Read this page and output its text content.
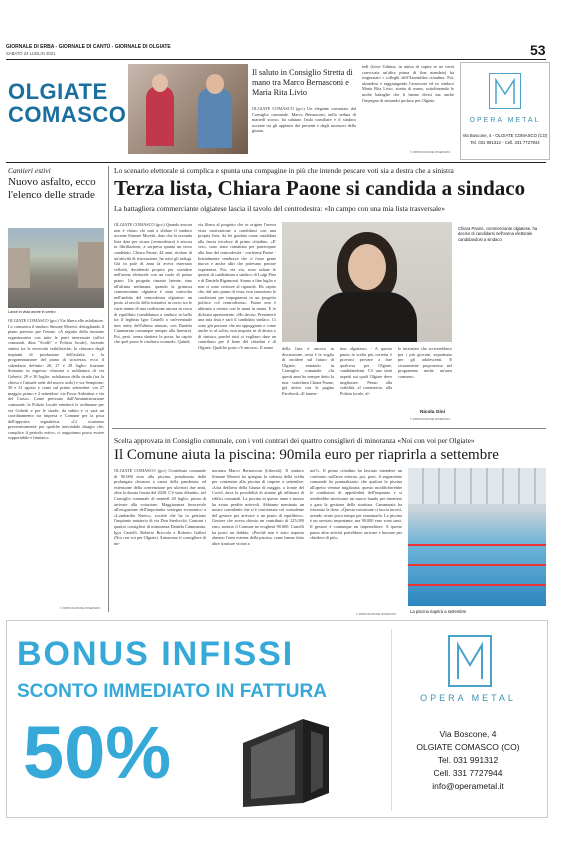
GIORNALE DI ERBA - GIORNALE DI CANTÙ - GIORNALE DI OLGIATE
SABATO 24 LUGLIO 2021	53
OLGIATE
COMASCO
Il saluto in Consiglio Stretta di mano tra Marco Bernasconi e Maria Rita Livio
OLGIATE COMASCO (gcc) Un elegante commiato dal Consiglio comunale. Marco Bernasconi, nella seduta di martedì scorso, ha salutato l'aula consiliare e il sindaco uscente tra gli applausi dei presenti e degli assessori della giunta.
tedì (forse l'ultima, in attesa di capire se ne verrà convocata un'altra prima di fine mandato) ha ringraziato i colleghi dell'Assemblea cittadina. Poi, alzandosi e raggiungendo l'assessore ed ex sindaco Maria Rita Livio, stretta di mano, sottolineando le molte battaglie che li hanno divisi ma anche l'impegno di entrambi profuso per Olgiate.
© RIPRODUZIONE RISERVATA
OPERA METAL
Via Boscone, 4 - OLGIATE COMASCO (CO)
Tel. 031 991312 - Cell. 331 7727944
Cantieri estivi
Nuovo asfalto, ecco l'elenco delle strade
Lavori in vista anche in centro
OLGIATE COMASCO (gcc) Via libera alle asfaltature. Lo comunica il sindaco Simone Moretti, dettagliando il piano previsto per l'estate. «A seguito della riunione organizzativa con tutte le parti interessate (uffici comunali, ditta "Scuffi" e Polizia locale), facendo sintesi tra le necessità viabilistiche, la chiusura degli impianti di produzione dell'asfalto e la programmazione del piano di sicurezza, ecco il calendario definito: 26, 27 e 28 luglio: frazione Somaino in ingresso chiusura e asfaltatura di via Gobetti; 29 e 30 luglio: asfaltatura della strada (tra la chiesa e l'attuale sede del nuovo asilo) e via Sempione; 30 e 31 agosto e come sul primo settembre: via 27 maggio; primo e 2 settembre: via Fosse Ardeatine e via del Carso». Come precisato dall'Amministrazione comunale, la Polizia Locale emetterà le ordinanze per via Gobetti e per le strade, da subito e ci sarà un coordinamento tra impresa e Comune per la posa dell'apposita segnaletica. «Ci scusiamo preventivamente per qualche inevitabile disagio che, complice il periodo estivo, ci auguriamo possa essere sopportabile e limitato».
© RIPRODUZIONE RISERVATA
Lo scenario elettorale si complica e spunta una compagine in più che intende pescare voti sia a destra che a sinistra
Terza lista, Chiara Paone si candida a sindaco
La battagliera commerciante olgiatese lascia il tavolo del centrodestra: «In campo con una mia lista trasversale»
OLGIATE COMASCO (gcc) Quando ancora non è chiaro chi sarà a sfidare il sindaco uscente Simone Moretti, dato che la seconda lista data per sicura (centrodestra) è ancora in fibrillazione, a sorpresa spunta un terzo candidato. Chiara Paone, 44 anni, titolare di un'attività di ristorazione, ha rotto gli indugi. Già in pole di anni fa aveva esternato velleità, decidendo proprio per scendere nell'arena elettorale con un ruolo di primo piano. Un progetto rimasto latente, sino all'ultima settimana, quando la grintosa commerciante olgiatese è stata coinvolta nell'ambito del centrodestra olgiatese: un posto al tavolo della trattativa in corso tra le varie anime di una coalizione ancora in cerca di equilibrio (candidatura a sindaco in ballo tra il leghista Igor Castelli o un'eventuale new entry dell'ultimo minuto, con Daniela Cammarata comunque sempre alla finestra). Poi, però, senza sbattere la porta, ha capito che quel posto le risultava scomodo. Quindi,
via libera al progetto che in origine l'aveva vista motivazione a candidarsi con una propria lista, da lei guidata come candidata alla fascia tricolore di primo cittadino. «E' vero, sono stata contattata per partecipare alla fase del centrodestra - conferma Paone - Inizialmente sembrava che ci fosse gente nuova e anche altri che potevano portare esperienza. Poi, via via, sono saltate le ipotesi di candidatura a sindaco di Luigi Pina e di Daniela Rigamonti. Siamo a fine luglio e non ci sono certezze al riguardo. Ho capito che, dal mio punto di vista, non sussistono le condizioni per impegnarmi in un progetto politico col centrodestra». Paone non è abituata a restare con le mani in mano. E lo dichiara apertamente. «Ho deciso. Presenterò una mia lista e sarò il candidato sindaco. Ci sono già persone che mi appoggiano e come anche io al solito, non importa se di destra o di sinistra, purché tutti si vogliano dare un contributo per il bene del cittadini e di Olgiate. Qualche posto c'è ancora». Il nome
Chiara Paone, commerciante olgiatese, ha deciso di candidarsi nell'arena elettorale candidandosi a sindaco
della lista è ancora in discussione, certa è la voglia di incidere sul futuro di Olgiate, entrando in Consiglio comunale. «In questi anni ho sempre detto la mia - sottolinea Chiara Paone, già attiva con la pagina Facebook «Il lamen-
tino olgiatese» - A questo punto la scelta più corretta è provarci provare a fare qualcosa per Olgiate, candidandomi. C'è uno tanti aspetti sui quali Olgiate deve migliorare. Penso alla viabilità, al commercio, alla Polizia locale, al-
le iniziative che scriverebbero per i più giovani, soprattutto per gli adolescenti. E sicuramente proporremo nel programma anche un'area comune».
Nicola Gini
© RIPRODUZIONE RISERVATA
Scelta approvata in Consiglio comunale, con i voti contrari dei quattro consiglieri di minoranza «Noi con voi per Olgiate»
Il Comune aiuta la piscina: 90mila euro per riaprirla a settembre
OLGIATE COMASCO (gcc) Contributo comunale di 90.000 euro alla piscina, penalizzata dalla prolungata chiusura a causa della pandemia, ed estensione della convenzione per ulteriori due anni, oltre la durata fissata del 2028. C'è stato dibattito, nel Consiglio comunale di martedì 20 luglio, prima di arrivare alla votazione. Maggioranza favorevole all'erogazione dell'importante sostegno economico a «Lombardia Nuoto», società che ha in gestione l'impianto natatorio di via Don Sterlocchi. Contrari i quattro consiglieri di minoranza Daniela Cammarata, Igor Castelli, Roberto Briccola e Roberto Galleri (Noi con voi per Olgiate). Autonomo il consigliere di mi-
noranza Marco Bernasconi (Liberali). Il sindaco Simone Moretti ha spiegato la valenza della scelta per consentire alla piscina di riaprire a settembre: «Una delibera della Giunta di maggio, a fronte del Covid, dava la possibilità di aiutare gli affittuari di edifici comunali. La piscina in questo anno e mezzo ha avuto perdite notevoli. Abbiamo nominato un nostro consulente che si è confrontato col consulente del gestore per arrivare a un piano di equilibrio». Gestore che aveva chiesto un contributo di 125.000 euro, mentre il Comune ne erogherà 90.000. Castelli ha posto un dubbio: «Perché non è stato riaperta almeno l'area esterna della piscina, come hanno fatto altre strutture vicine a
noi?». Il primo cittadino ha lasciato intendere un confronto sull'area esterna, poi, però, il segnavento comunale ha puntualizzato che qualora la piscina all'aperto venisse migliorata, questo modificherebbe le condizioni di appetibilità dell'impianto e si renderebbe necessario un nuovo bando per rimettere a gara la gestione della struttura. Cammarata ha rincarato la dose: «Questa variazione ci lascia incerti, avendo avuto poco tempo per esaminarla. La piscina è un servizio importante, ma 90.000 euro sono tanti. Il gestore è comunque un imprenditore. A questo punto altre attività potrebbero arrivare e bussare per chiedere di più».
© RIPRODUZIONE RISERVATA	La piscina riaprirà a settembre
BONUS INFISSI
SCONTO IMMEDIATO IN FATTURA
50%
OPERA METAL
Via Boscone, 4
OLGIATE COMASCO (CO)
Tel. 031 991312
Cell. 331 7727944
info@operametal.it
